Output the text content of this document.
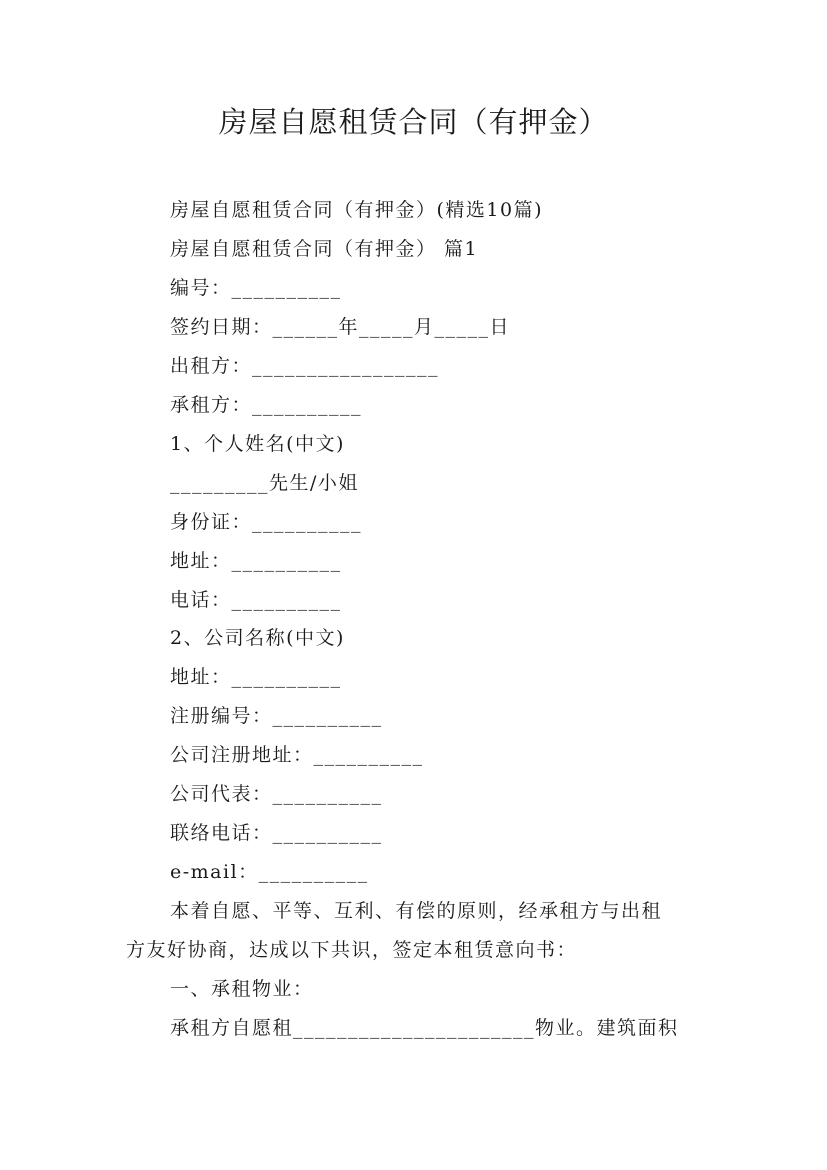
房屋自愿租赁合同（有押金）
房屋自愿租赁合同（有押金）(精选10篇)
房屋自愿租赁合同（有押金） 篇1
编号：__________
签约日期：______年_____月_____日
出租方：_________________
承租方：__________
1、个人姓名(中文)
_________先生/小姐
身份证：__________
地址：__________
电话：__________
2、公司名称(中文)
地址：__________
注册编号：__________
公司注册地址：__________
公司代表：__________
联络电话：__________
e-mail：__________
本着自愿、平等、互利、有偿的原则，经承租方与出租
方友好协商，达成以下共识，签定本租赁意向书：
一、承租物业：
承租方自愿租______________________物业。建筑面积
